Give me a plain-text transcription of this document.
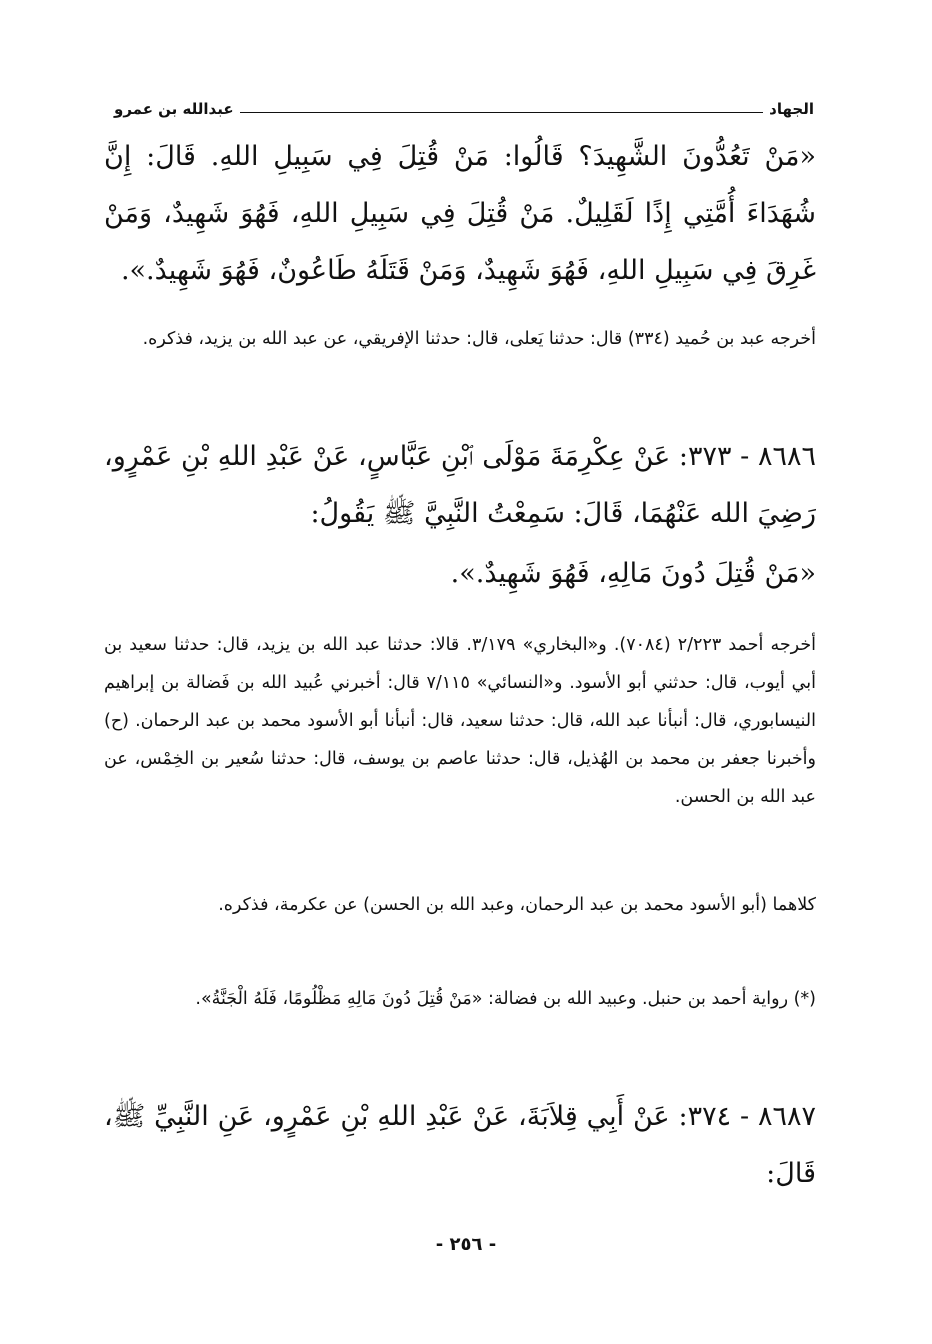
الجهاد
عبدالله بن عمرو
«مَنْ تَعُدُّونَ الشَّهِيدَ؟ قَالُوا: مَنْ قُتِلَ فِي سَبِيلِ اللهِ. قَالَ: إِنَّ شُهَدَاءَ أُمَّتِي إِذًا لَقَلِيلٌ. مَنْ قُتِلَ فِي سَبِيلِ اللهِ، فَهُوَ شَهِيدٌ، وَمَنْ غَرِقَ فِي سَبِيلِ اللهِ، فَهُوَ شَهِيدٌ، وَمَنْ قَتَلَهُ طَاعُونٌ، فَهُوَ شَهِيدٌ.».
أخرجه عبد بن حُميد (٣٣٤) قال: حدثنا يَعلى، قال: حدثنا الإفريقي، عن عبد الله بن يزيد، فذكره.
٨٦٨٦ - ٣٧٣: عَنْ عِكْرِمَةَ مَوْلَى ٱبْنِ عَبَّاسٍ، عَنْ عَبْدِ اللهِ بْنِ عَمْرٍو، رَضِيَ الله عَنْهُمَا، قَالَ: سَمِعْتُ النَّبِيَّ ﷺ يَقُولُ:
«مَنْ قُتِلَ دُونَ مَالِهِ، فَهُوَ شَهِيدٌ.».
أخرجه أحمد ٢/٢٢٣ (٧٠٨٤). و«البخاري» ٣/١٧٩. قالا: حدثنا عبد الله بن يزيد، قال: حدثنا سعيد بن أبي أيوب، قال: حدثني أبو الأسود. و«النسائي» ٧/١١٥ قال: أخبرني عُبيد الله بن فَضالة بن إبراهيم النيسابوري، قال: أنبأنا عبد الله، قال: حدثنا سعيد، قال: أنبأنا أبو الأسود محمد بن عبد الرحمان. (ح) وأخبرنا جعفر بن محمد بن الهُذيل، قال: حدثنا عاصم بن يوسف، قال: حدثنا سُعير بن الخِمْس، عن عبد الله بن الحسن.
كلاهما (أبو الأسود محمد بن عبد الرحمان، وعبد الله بن الحسن) عن عكرمة، فذكره.
(*) رواية أحمد بن حنبل. وعبيد الله بن فضالة: «مَنْ قُتِلَ دُونَ مَالِهِ مَظْلُومًا، فَلَهُ الْجَنَّةُ».
٨٦٨٧ - ٣٧٤: عَنْ أَبِي قِلاَبَةَ، عَنْ عَبْدِ اللهِ بْنِ عَمْرٍو، عَنِ النَّبِيِّ ﷺ، قَالَ:
- ٢٥٦ -
